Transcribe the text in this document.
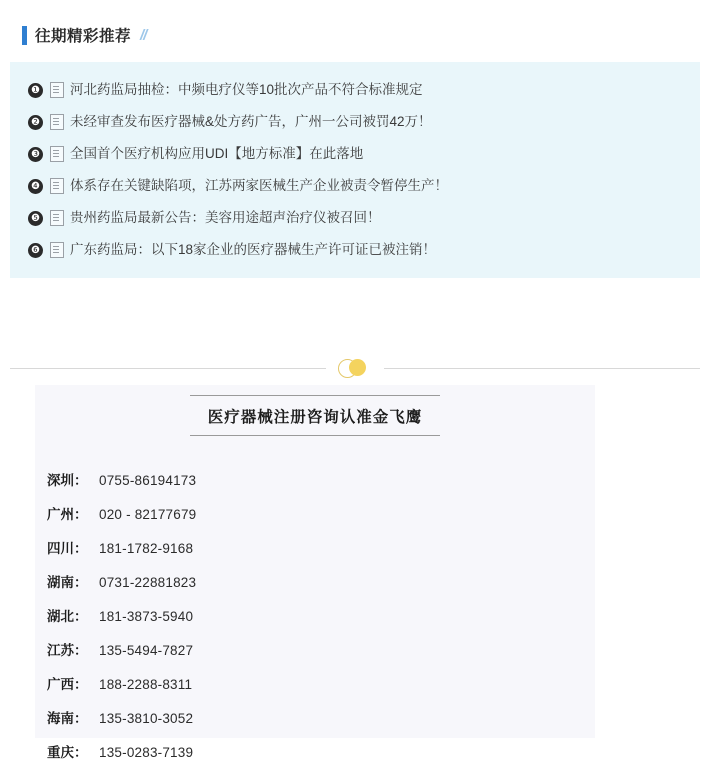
往期精彩推荐 //
❶ 河北药监局抽检：中频电疗仪等10批次产品不符合标准规定
❷ 未经审查发布医疗器械&处方药广告，广州一公司被罚42万！
❸ 全国首个医疗机构应用UDI【地方标准】在此落地
❹ 体系存在关键缺陷项，江苏两家医械生产企业被责令暂停生产！
❺ 贵州药监局最新公告：美容用途超声治疗仪被召回！
❻ 广东药监局：以下18家企业的医疗器械生产许可证已被注销！
医疗器械注册咨询认准金飞鹰
深圳： 0755-86194173
广州： 020 - 82177679
四川： 181-1782-9168
湖南： 0731-22881823
湖北： 181-3873-5940
江苏： 135-5494-7827
广西： 188-2288-8311
海南： 135-3810-3052
重庆： 135-0283-7139
